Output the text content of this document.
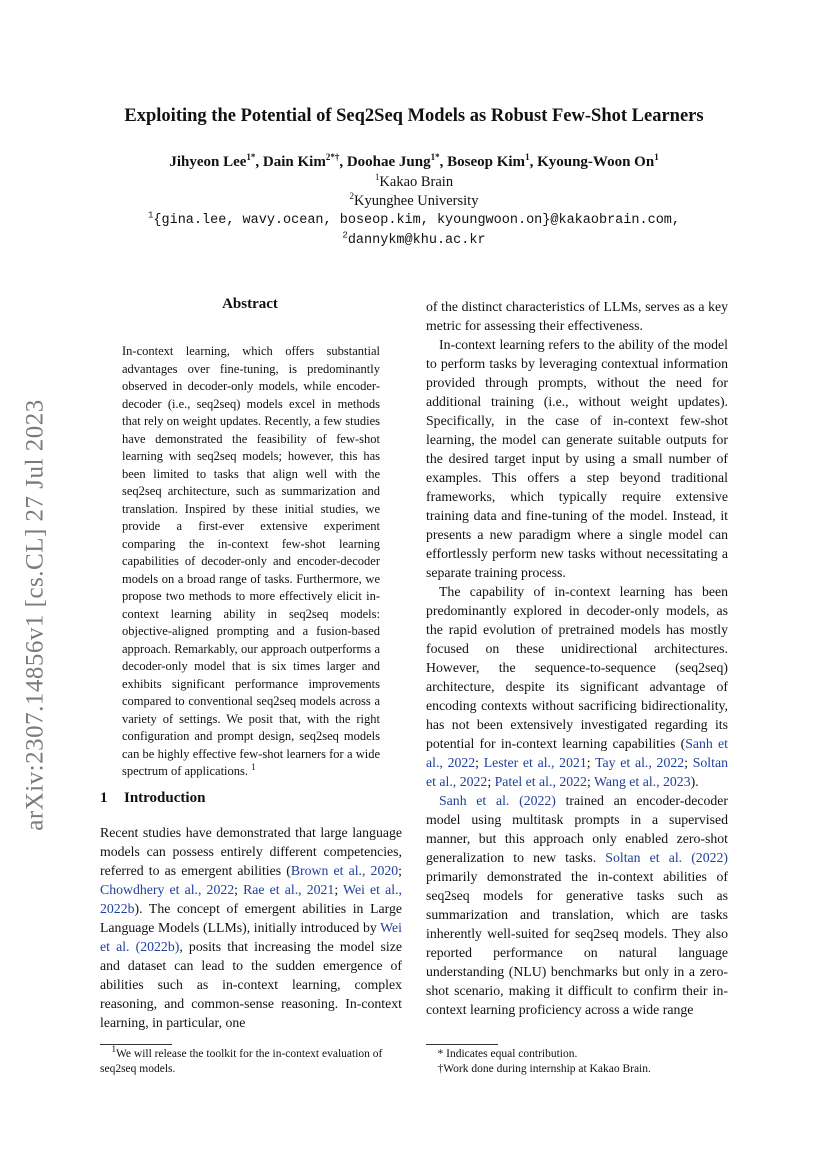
arXiv:2307.14856v1 [cs.CL] 27 Jul 2023
Exploiting the Potential of Seq2Seq Models as Robust Few-Shot Learners
Jihyeon Lee$^{1*}$, Dain Kim$^{2*\dagger}$, Doohae Jung$^{1*}$, Boseop Kim$^1$, Kyoung-Woon On$^1$
$^1$Kakao Brain
$^2$Kyunghee University
$^1${gina.lee, wavy.ocean, boseop.kim, kyoungwoon.on}@kakaobrain.com,
$^2$dannykm@khu.ac.kr
Abstract
In-context learning, which offers substantial advantages over fine-tuning, is predominantly observed in decoder-only models, while encoder-decoder (i.e., seq2seq) models excel in methods that rely on weight updates. Recently, a few studies have demonstrated the feasibility of few-shot learning with seq2seq models; however, this has been limited to tasks that align well with the seq2seq architecture, such as summarization and translation. Inspired by these initial studies, we provide a first-ever extensive experiment comparing the in-context few-shot learning capabilities of decoder-only and encoder-decoder models on a broad range of tasks. Furthermore, we propose two methods to more effectively elicit in-context learning ability in seq2seq models: objective-aligned prompting and a fusion-based approach. Remarkably, our approach outperforms a decoder-only model that is six times larger and exhibits significant performance improvements compared to conventional seq2seq models across a variety of settings. We posit that, with the right configuration and prompt design, seq2seq models can be highly effective few-shot learners for a wide spectrum of applications. $^1$
1 Introduction

Recent studies have demonstrated that large language models can possess entirely different competencies, referred to as emergent abilities (Brown et al., 2020; Chowdhery et al., 2022; Rae et al., 2021; Wei et al., 2022b). The concept of emergent abilities in Large Language Models (LLMs), initially introduced by Wei et al. (2022b), posits that increasing the model size and dataset can lead to the sudden emergence of abilities such as in-context learning, complex reasoning, and common-sense reasoning. In-context learning, in particular, one

$^1$We will release the toolkit for the in-context evaluation of seq2seq models.

of the distinct characteristics of LLMs, serves as a key metric for assessing their effectiveness.

In-context learning refers to the ability of the model to perform tasks by leveraging contextual information provided through prompts, without the need for additional training (i.e., without weight updates). Specifically, in the case of in-context few-shot learning, the model can generate suitable outputs for the desired target input by using a small number of examples. This offers a step beyond traditional frameworks, which typically require extensive training data and fine-tuning of the model. Instead, it presents a new paradigm where a single model can effortlessly perform new tasks without necessitating a separate training process.

The capability of in-context learning has been predominantly explored in decoder-only models, as the rapid evolution of pretrained models has mostly focused on these unidirectional architectures. However, the sequence-to-sequence (seq2seq) architecture, despite its significant advantage of encoding contexts without sacrificing bidirectionality, has not been extensively investigated regarding its potential for in-context learning capabilities (Sanh et al., 2022; Lester et al., 2021; Tay et al., 2022; Soltan et al., 2022; Patel et al., 2022; Wang et al., 2023).

Sanh et al. (2022) trained an encoder-decoder model using multitask prompts in a supervised manner, but this approach only enabled zero-shot generalization to new tasks. Soltan et al. (2022) primarily demonstrated the in-context abilities of seq2seq models for generative tasks such as summarization and translation, which are tasks inherently well-suited for seq2seq models. They also reported performance on natural language understanding (NLU) benchmarks but only in a zero-shot scenario, making it difficult to confirm their in-context learning proficiency across a wide range

* Indicates equal contribution.
†Work done during internship at Kakao Brain.
